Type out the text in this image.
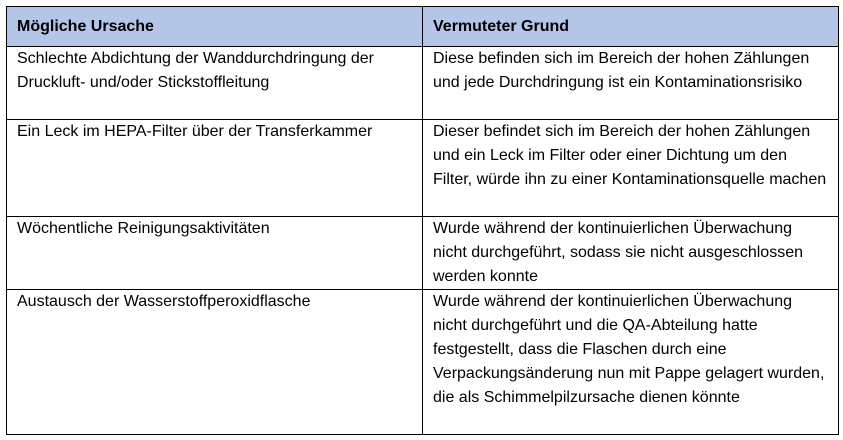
Mögliche Ursache	Vermuteter Grund

Schlechte Abdichtung der Wanddurchdringung der Druckluft- und/oder Stickstoffleitung	Diese befinden sich im Bereich der hohen Zählungen und jede Durchdringung ist ein Kontaminationsrisiko

Ein Leck im HEPA-Filter über der Transferkammer	Dieser befindet sich im Bereich der hohen Zählungen und ein Leck im Filter oder einer Dichtung um den Filter, würde ihn zu einer Kontaminationsquelle machen

Wöchentliche Reinigungsaktivitäten	Wurde während der kontinuierlichen Überwachung nicht durchgeführt, sodass sie nicht ausgeschlossen werden konnte

Austausch der Wasserstoffperoxidflasche	Wurde während der kontinuierlichen Überwachung nicht durchgeführt und die QA-Abteilung hatte festgestellt, dass die Flaschen durch eine Verpackungsänderung nun mit Pappe gelagert wurden, die als Schimmelpilzursache dienen könnte
